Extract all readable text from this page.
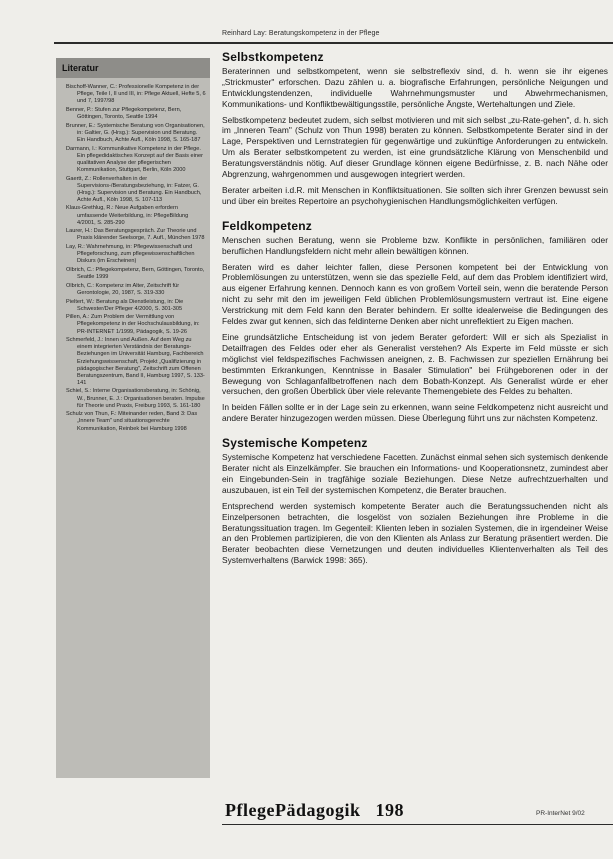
Reinhard Lay: Beratungskompetenz in der Pflege
Literatur

Bischoff-Wanner, C.: Professionelle Kompetenz in der Pflege, Teile I, II und III, in: Pflege Aktuell, Hefte 5, 6 und 7, 1997/98

Benner, P.: Stufen zur Pflegekompetenz, Bern, Göttingen, Toronto, Seattle 1994

Brunner, E.: Systemische Beratung von Organisationen, in: Galtier, G. (Hrsg.): Supervision und Beratung. Ein Handbuch, Achte Aufl., Köln 1998, S. 165-187

Darmann, I.: Kommunikative Kompetenz in der Pflege. Ein pflegedidaktisches Konzept auf der Basis einer qualitativen Analyse der pflegerischen Kommunikation, Stuttgart, Berlin, Köln 2000

Gaertt, Z.: Rollenverhalten in der Supervisions-/Beratungsbeziehung, in: Fatzer, G. (Hrsg.): Supervision und Beratung. Ein Handbuch, Achte Aufl., Köln 1998, S. 107-113

Klaus-Grethlug, R.: Neue Aufgaben erfordern umfassende Weiterbildung, in: PflegeBildung 4/2001, S. 285-290

Laurer, H.: Das Beratungsgespräch. Zur Theorie und Praxis klärender Seelsorge, 7. Aufl., München 1978

Lay, R.: Wahrnehmung, in: Pflegewissenschaft und Pflegeforschung, zum pflegewissenschaftlichen Diskurs (im Erscheinen)

Olbrich, C.: Pflegekompetenz, Bern, Göttingen, Toronto, Seattle 1999

Olbrich, C.: Kompetenz im Alter, Zeitschrift für Gerontologie, 20, 1987, S. 319-330

Pieltert, W.: Beratung als Dienstleistung, in: Die Schwester/Der Pfleger 4/2000, S. 301-305

Pillen, A.: Zum Problem der Vermittlung von Pflegekompetenz in der Hochschulausbildung, in: PR-INTERNET 1/1999, Pädagogik, S. 19-26

Schmerfeld, J.: Innen und Außen. Auf dem Weg zu einem integrierten Verständnis der Beratungs-Beziehungen im Universität Hamburg, Fachbereich Erziehungswissenschaft, Projekt „Qualifizierung in pädagogischer Beratung", Zeitschrift zum Offenen Beratungszentrum, Band II, Hamburg 1997, S. 133-141

Schiel, S.: Interne Organisationsberatung, in: Schönig, W., Brunner, E. J.: Organisationen beraten. Impulse für Theorie und Praxis, Freiburg 1993, S. 161-180

Schulz von Thun, F.: Miteinander reden, Band 3: Das „Innere Team" und situationsgerechte Kommunikation, Reinbek bei Hamburg 1998

Selbstkompetenz

Beraterinnen und selbstkompetent, wenn sie selbstreflexiv sind, d. h. wenn sie ihr eigenes „Strickmuster" erforschen. Dazu zählen u. a. biografische Erfahrungen, persönliche Neigungen und Entwicklungstendenzen, individuelle Wahrnehmungsmuster und Abwehrmechanismen, Kommunikations- und Konfliktbewältigungsstile, persönliche Ängste, Wertehaltungen und Ziele.

Selbstkompetenz bedeutet zudem, sich selbst motivieren und mit sich selbst „zu-Rate-gehen", d. h. sich im „Inneren Team" (Schulz von Thun 1998) beraten zu können. Selbstkompetente Berater sind in der Lage, Perspektiven und Lernstrategien für gegenwärtige und zukünftige Anforderungen zu entwickeln. Um als Berater selbstkompetent zu werden, ist eine grundsätzliche Klärung von Menschenbild und Beratungsverständnis nötig. Auf dieser Grundlage können eigene Bedürfnisse, z. B. nach Nähe oder Abgrenzung, wahrgenommen und ausgewogen integriert werden.

Berater arbeiten i.d.R. mit Menschen in Konfliktsituationen. Sie sollten sich ihrer Grenzen bewusst sein und über ein breites Repertoire an psychohygienischen Handlungsmöglichkeiten verfügen.

Feldkompetenz

Menschen suchen Beratung, wenn sie Probleme bzw. Konflikte in persönlichen, familiären oder beruflichen Handlungsfeldern nicht mehr allein bewältigen können.

Beraten wird es daher leichter fallen, diese Personen kompetent bei der Entwicklung von Problemlösungen zu unterstützen, wenn sie das spezielle Feld, auf dem das Problem identifiziert wird, aus eigener Erfahrung kennen. Dennoch kann es von großem Vorteil sein, wenn die beratende Person nicht zu sehr mit den im jeweiligen Feld üblichen Problemlösungsmustern vertraut ist. Eine eigene Verstrickung mit dem Feld kann den Berater behindern. Er sollte idealerweise die Bedingungen des Feldes zwar gut kennen, sich das feldinterne Denken aber nicht unreflektiert zu Eigen machen.

Eine grundsätzliche Entscheidung ist von jedem Berater gefordert: Will er sich als Spezialist in Detailfragen des Feldes oder eher als Generalist verstehen? Als Experte im Feld müsste er sich möglichst viel feldspezifisches Fachwissen aneignen, z. B. Fachwissen zur speziellen Ernährung bei bestimmten Erkrankungen, Kenntnisse in Basaler Stimulation" bei Frühgeborenen oder in der Bewegung von Schlaganfallbetroffenen nach dem Bobath-Konzept. Als Generalist würde er eher versuchen, den großen Überblick über viele relevante Themengebiete des Feldes zu behalten.

In beiden Fällen sollte er in der Lage sein zu erkennen, wann seine Feldkompetenz nicht ausreicht und andere Berater hinzugezogen werden müssen. Diese Überlegung führt uns zur nächsten Kompetenz.

Systemische Kompetenz

Systemische Kompetenz hat verschiedene Facetten. Zunächst einmal sehen sich systemisch denkende Berater nicht als Einzelkämpfer. Sie brauchen ein Informations- und Kooperationsnetz, zumindest aber ein Eingebunden-Sein in tragfähige soziale Beziehungen. Diese Netze aufrechtzuerhalten und auszubauen, ist ein Teil der systemischen Kompetenz, die Berater brauchen.

Entsprechend werden systemisch kompetente Berater auch die Beratungssuchenden nicht als Einzelpersonen betrachten, die losgelöst von sozialen Beziehungen ihre Probleme in die Beratungssituation tragen. Im Gegenteil: Klienten leben in sozialen Systemen, die in irgendeiner Weise an den Problemen partizipieren, die von den Klienten als Anlass zur Beratung präsentiert werden. Die Berater beobachten diese Vernetzungen und deuten individuelles Klientenverhalten als Teil des Systemverhaltens (Barwick 1998: 365).

PflegePädagogik 198	PR-InterNet 9/02
